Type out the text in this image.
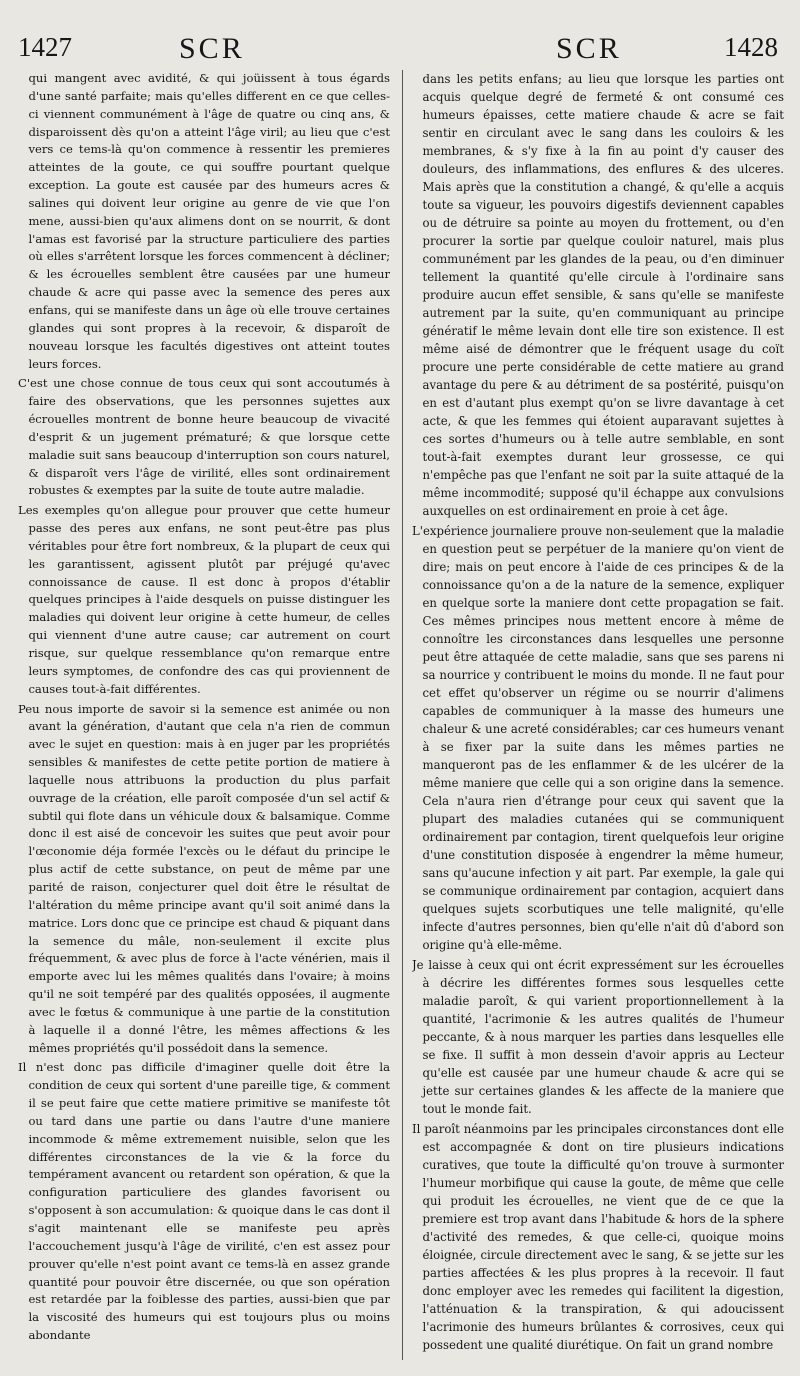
1427	SCR	SCR	1428

qui mangent avec avidité, & qui joüissent à tous égards d'une santé parfaite; mais qu'elles different en ce que celles-ci viennent communément à l'âge de quatre ou cinq ans, & disparoissent dès qu'on a atteint l'âge viril; au lieu que c'est vers ce tems-là qu'on commence à ressentir les premieres atteintes de la goute, ce qui souffre pourtant quelque exception. La goute est causée par des humeurs acres & salines qui doivent leur origine au genre de vie que l'on mene, aussi-bien qu'aux alimens dont on se nourrit, & dont l'amas est favorisé par la structure particuliere des parties où elles s'arrêtent lorsque les forces commencent à décliner; & les écrouelles semblent être causées par une humeur chaude & acre qui passe avec la semence des peres aux enfans, qui se manifeste dans un âge où elle trouve certaines glandes qui sont propres à la recevoir, & disparoît de nouveau lorsque les facultés digestives ont atteint toutes leurs forces.

C'est une chose connue de tous ceux qui sont accoutumés à faire des observations, que les personnes sujettes aux écrouelles montrent de bonne heure beaucoup de vivacité d'esprit & un jugement prématuré; & que lorsque cette maladie suit sans beaucoup d'interruption son cours naturel, & disparoît vers l'âge de virilité, elles sont ordinairement robustes & exemptes par la suite de toute autre maladie.

Les exemples qu'on allegue pour prouver que cette humeur passe des peres aux enfans, ne sont peut-être pas plus véritables pour être fort nombreux, & la plupart de ceux qui les garantissent, agissent plutôt par préjugé qu'avec connoissance de cause. Il est donc à propos d'établir quelques principes à l'aide desquels on puisse distinguer les maladies qui doivent leur origine à cette humeur, de celles qui viennent d'une autre cause; car autrement on court risque, sur quelque ressemblance qu'on remarque entre leurs symptomes, de confondre des cas qui proviennent de causes tout-à-fait différentes.

Peu nous importe de savoir si la semence est animée ou non avant la génération, d'autant que cela n'a rien de commun avec le sujet en question: mais à en juger par les propriétés sensibles & manifestes de cette petite portion de matiere à laquelle nous attribuons la production du plus parfait ouvrage de la création, elle paroît composée d'un sel actif & subtil qui flote dans un véhicule doux & balsamique. Comme donc il est aisé de concevoir les suites que peut avoir pour l'œconomie déja formée l'excès ou le défaut du principe le plus actif de cette substance, on peut de même par une parité de raison, conjecturer quel doit être le résultat de l'altération du même principe avant qu'il soit animé dans la matrice. Lors donc que ce principe est chaud & piquant dans la semence du mâle, non-seulement il excite plus fréquemment, & avec plus de force à l'acte vénérien, mais il emporte avec lui les mêmes qualités dans l'ovaire; à moins qu'il ne soit tempéré par des qualités opposées, il augmente avec le fœtus & communique à une partie de la constitution à laquelle il a donné l'être, les mêmes affections & les mêmes propriétés qu'il possédoit dans la semence.

Il n'est donc pas difficile d'imaginer quelle doit être la condition de ceux qui sortent d'une pareille tige, & comment il se peut faire que cette matiere primitive se manifeste tôt ou tard dans une partie ou dans l'autre d'une maniere incommode & même extremement nuisible, selon que les différentes circonstances de la vie & la force du tempérament avancent ou retardent son opération, & que la configuration particuliere des glandes favorisent ou s'opposent à son accumulation: & quoique dans le cas dont il s'agit maintenant elle se manifeste peu après l'accouchement jusqu'à l'âge de virilité, c'en est assez pour prouver qu'elle n'est point avant ce tems-là en assez grande quantité pour pouvoir être discernée, ou que son opération est retardée par la foiblesse des parties, aussi-bien que par la viscosité des humeurs qui est toujours plus ou moins abondante

dans les petits enfans; au lieu que lorsque les parties ont acquis quelque degré de fermeté & ont consumé ces humeurs épaisses, cette matiere chaude & acre se fait sentir en circulant avec le sang dans les couloirs & les membranes, & s'y fixe à la fin au point d'y causer des douleurs, des inflammations, des enflures & des ulceres. Mais après que la constitution a changé, & qu'elle a acquis toute sa vigueur, les pouvoirs digestifs deviennent capables ou de détruire sa pointe au moyen du frottement, ou d'en procurer la sortie par quelque couloir naturel, mais plus communément par les glandes de la peau, ou d'en diminuer tellement la quantité qu'elle circule à l'ordinaire sans produire aucun effet sensible, & sans qu'elle se manifeste autrement par la suite, qu'en communiquant au principe génératif le même levain dont elle tire son existence. Il est même aisé de démontrer que le fréquent usage du coït procure une perte considérable de cette matiere au grand avantage du pere & au détriment de sa postérité, puisqu'on en est d'autant plus exempt qu'on se livre davantage à cet acte, & que les femmes qui étoient auparavant sujettes à ces sortes d'humeurs ou à telle autre semblable, en sont tout-à-fait exemptes durant leur grossesse, ce qui n'empêche pas que l'enfant ne soit par la suite attaqué de la même incommodité; supposé qu'il échappe aux convulsions auxquelles on est ordinairement en proie à cet âge.

L'expérience journaliere prouve non-seulement que la maladie en question peut se perpétuer de la maniere qu'on vient de dire; mais on peut encore à l'aide de ces principes & de la connoissance qu'on a de la nature de la semence, expliquer en quelque sorte la maniere dont cette propagation se fait. Ces mêmes principes nous mettent encore à même de connoître les circonstances dans lesquelles une personne peut être attaquée de cette maladie, sans que ses parens ni sa nourrice y contribuent le moins du monde. Il ne faut pour cet effet qu'observer un régime ou se nourrir d'alimens capables de communiquer à la masse des humeurs une chaleur & une acreté considérables; car ces humeurs venant à se fixer par la suite dans les mêmes parties ne manqueront pas de les enflammer & de les ulcérer de la même maniere que celle qui a son origine dans la semence. Cela n'aura rien d'étrange pour ceux qui savent que la plupart des maladies cutanées qui se communiquent ordinairement par contagion, tirent quelquefois leur origine d'une constitution disposée à engendrer la même humeur, sans qu'aucune infection y ait part. Par exemple, la gale qui se communique ordinairement par contagion, acquiert dans quelques sujets scorbutiques une telle malignité, qu'elle infecte d'autres personnes, bien qu'elle n'ait dû d'abord son origine qu'à elle-même.

Je laisse à ceux qui ont écrit expressément sur les écrouelles à décrire les différentes formes sous lesquelles cette maladie paroît, & qui varient proportionnellement à la quantité, l'acrimonie & les autres qualités de l'humeur peccante, & à nous marquer les parties dans lesquelles elle se fixe. Il suffit à mon dessein d'avoir appris au Lecteur qu'elle est causée par une humeur chaude & acre qui se jette sur certaines glandes & les affecte de la maniere que tout le monde fait.

Il paroît néanmoins par les principales circonstances dont elle est accompagnée & dont on tire plusieurs indications curatives, que toute la difficulté qu'on trouve à surmonter l'humeur morbifique qui cause la goute, de même que celle qui produit les écrouelles, ne vient que de ce que la premiere est trop avant dans l'habitude & hors de la sphere d'activité des remedes, & que celle-ci, quoique moins éloignée, circule directement avec le sang, & se jette sur les parties affectées & les plus propres à la recevoir. Il faut donc employer avec les remedes qui facilitent la digestion, l'atténuation & la transpiration, & qui adoucissent l'acrimonie des humeurs brûlantes & corrosives, ceux qui possedent une qualité diurétique. On fait un grand nombre
